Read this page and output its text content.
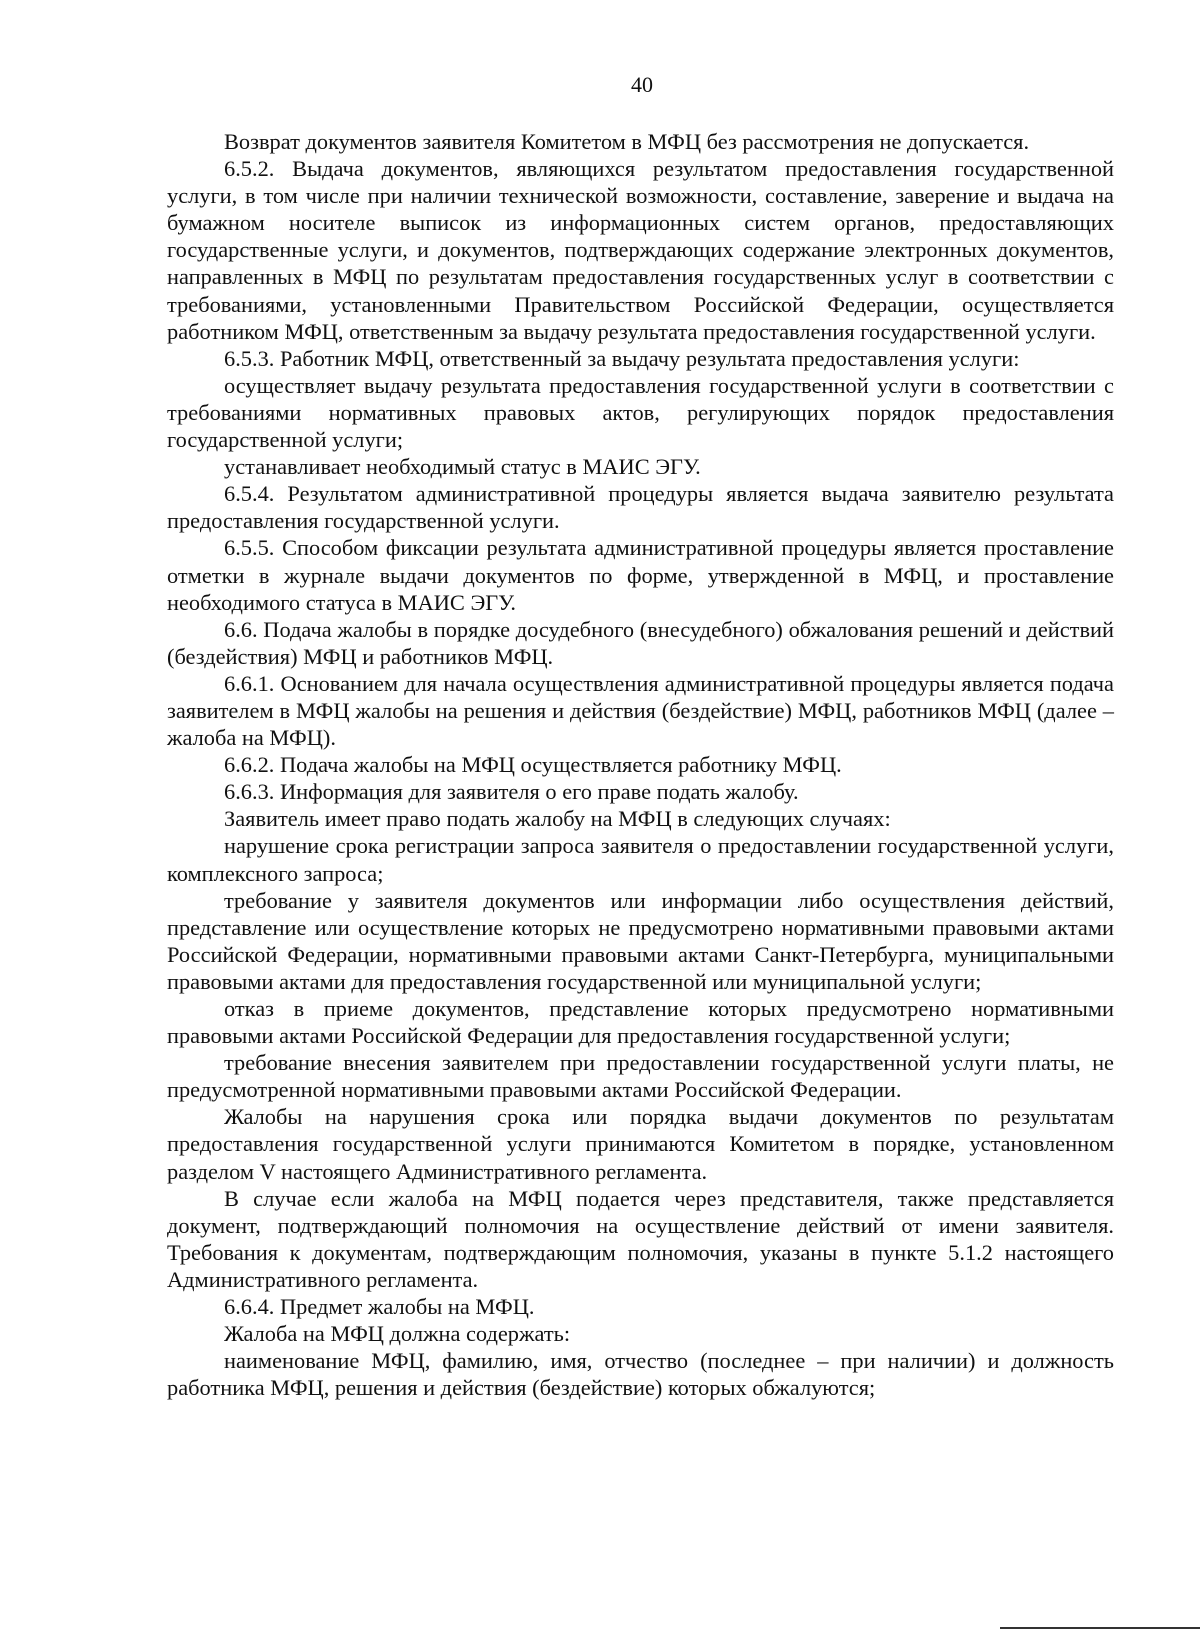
40

Возврат документов заявителя Комитетом в МФЦ без рассмотрения не допускается.

6.5.2. Выдача документов, являющихся результатом предоставления государственной услуги, в том числе при наличии технической возможности, составление, заверение и выдача на бумажном носителе выписок из информационных систем органов, предоставляющих государственные услуги, и документов, подтверждающих содержание электронных документов, направленных в МФЦ по результатам предоставления государственных услуг в соответствии с требованиями, установленными Правительством Российской Федерации, осуществляется работником МФЦ, ответственным за выдачу результата предоставления государственной услуги.

6.5.3. Работник МФЦ, ответственный за выдачу результата предоставления услуги:

осуществляет выдачу результата предоставления государственной услуги в соответствии с требованиями нормативных правовых актов, регулирующих порядок предоставления государственной услуги;

устанавливает необходимый статус в МАИС ЭГУ.

6.5.4. Результатом административной процедуры является выдача заявителю результата предоставления государственной услуги.

6.5.5. Способом фиксации результата административной процедуры является проставление отметки в журнале выдачи документов по форме, утвержденной в МФЦ, и проставление необходимого статуса в МАИС ЭГУ.

6.6. Подача жалобы в порядке досудебного (внесудебного) обжалования решений и действий (бездействия) МФЦ и работников МФЦ.

6.6.1. Основанием для начала осуществления административной процедуры является подача заявителем в МФЦ жалобы на решения и действия (бездействие) МФЦ, работников МФЦ (далее – жалоба на МФЦ).

6.6.2. Подача жалобы на МФЦ осуществляется работнику МФЦ.

6.6.3. Информация для заявителя о его праве подать жалобу.

Заявитель имеет право подать жалобу на МФЦ в следующих случаях:

нарушение срока регистрации запроса заявителя о предоставлении государственной услуги, комплексного запроса;

требование у заявителя документов или информации либо осуществления действий, представление или осуществление которых не предусмотрено нормативными правовыми актами Российской Федерации, нормативными правовыми актами Санкт-Петербурга, муниципальными правовыми актами для предоставления государственной или муниципальной услуги;

отказ в приеме документов, представление которых предусмотрено нормативными правовыми актами Российской Федерации для предоставления государственной услуги;

требование внесения заявителем при предоставлении государственной услуги платы, не предусмотренной нормативными правовыми актами Российской Федерации.

Жалобы на нарушения срока или порядка выдачи документов по результатам предоставления государственной услуги принимаются Комитетом в порядке, установленном разделом V настоящего Административного регламента.

В случае если жалоба на МФЦ подается через представителя, также представляется документ, подтверждающий полномочия на осуществление действий от имени заявителя. Требования к документам, подтверждающим полномочия, указаны в пункте 5.1.2 настоящего Административного регламента.

6.6.4. Предмет жалобы на МФЦ.

Жалоба на МФЦ должна содержать:

наименование МФЦ, фамилию, имя, отчество (последнее – при наличии) и должность работника МФЦ, решения и действия (бездействие) которых обжалуются;
